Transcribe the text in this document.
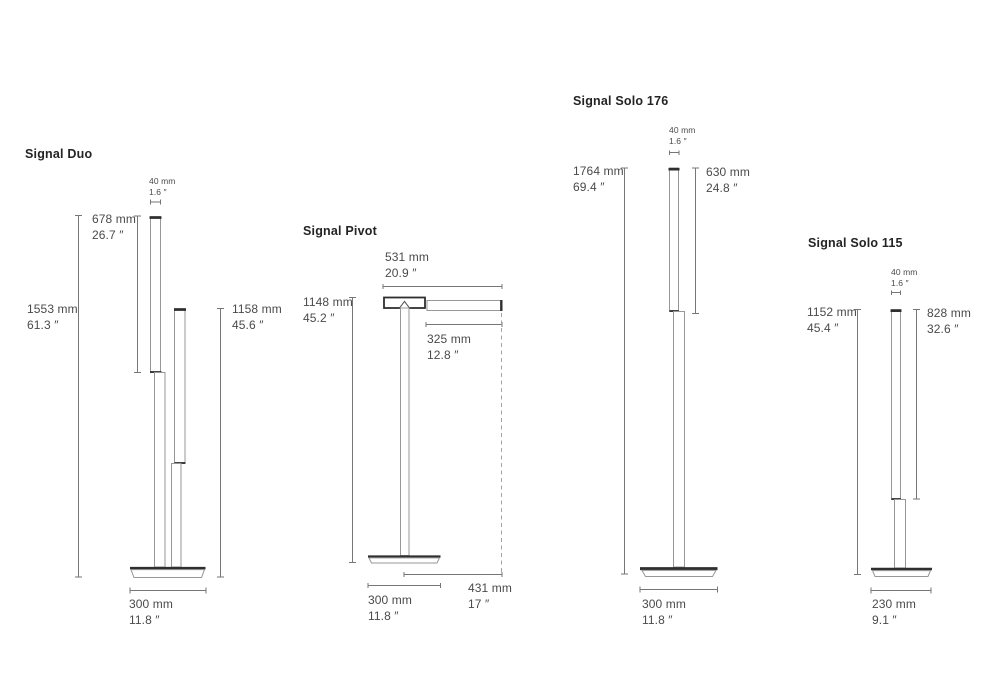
Signal Duo
40 mm
1.6 ″
678 mm
26.7 ″
1553 mm
61.3 ″
1158 mm
45.6 ″
300 mm
11.8 ″
Signal Pivot
531 mm
20.9 ″
1148 mm
45.2 ″
325 mm
12.8 ″
300 mm
11.8 ″
431 mm
17 ″
Signal Solo 176
40 mm
1.6 ″
1764 mm
69.4 ″
630 mm
24.8 ″
300 mm
11.8 ″
Signal Solo 115
40 mm
1.6 ″
1152 mm
45.4 ″
828 mm
32.6 ″
230 mm
9.1 ″
